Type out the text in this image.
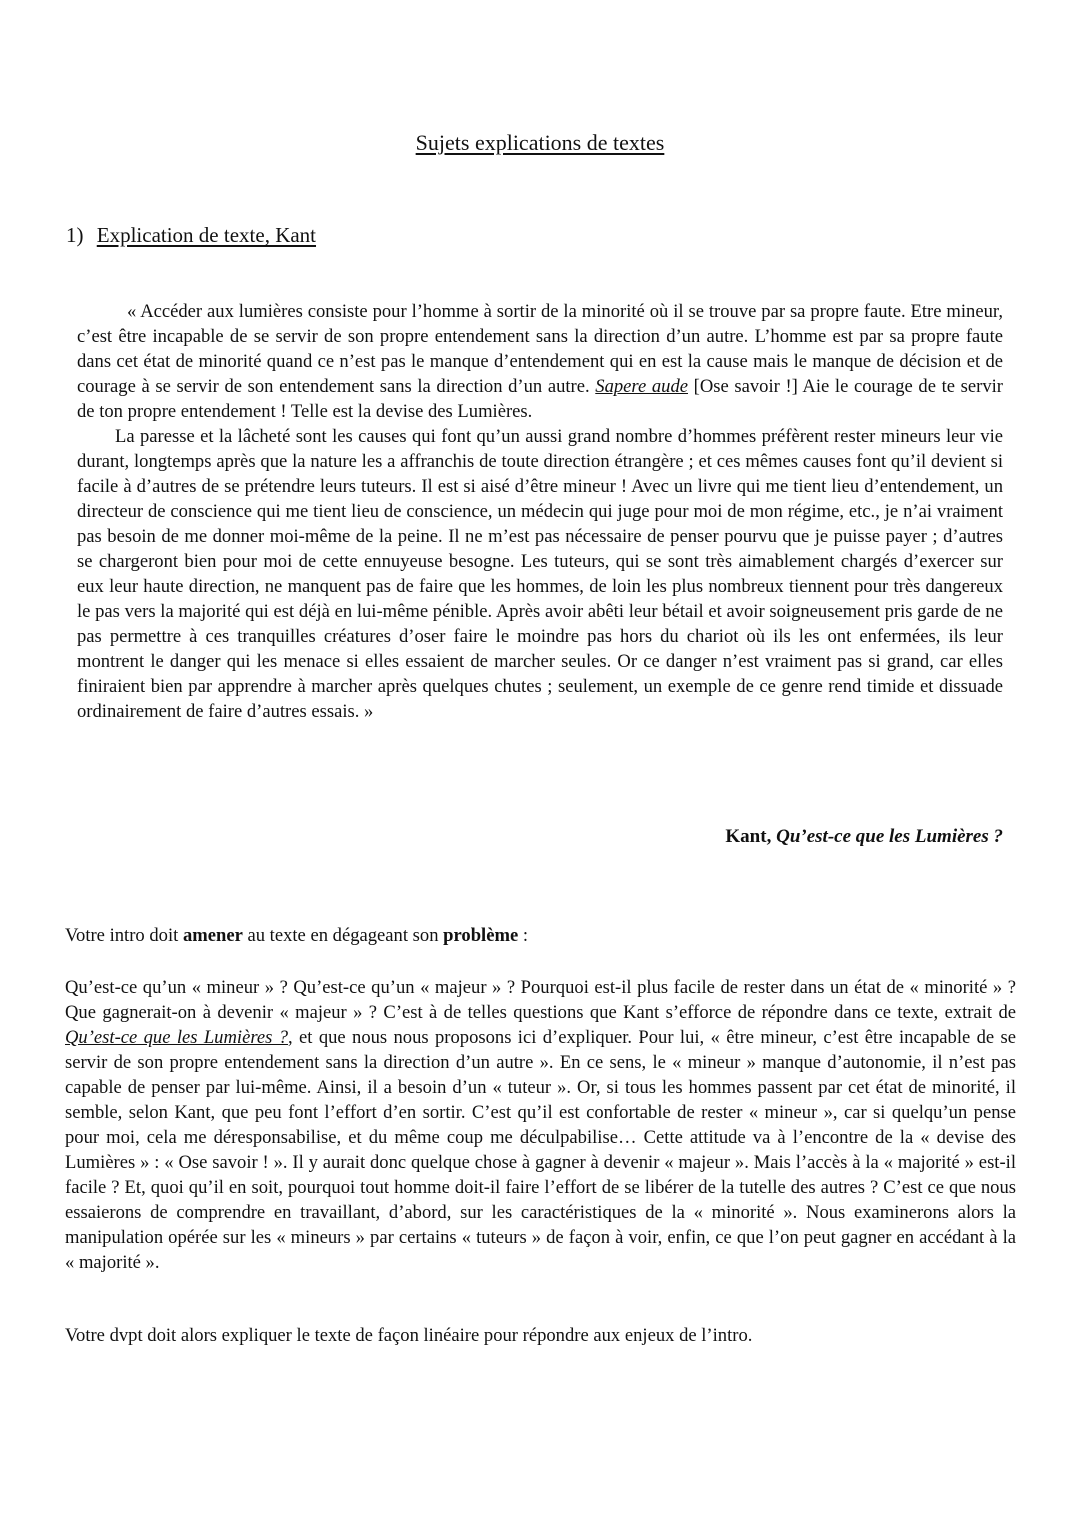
Sujets explications de textes
1) Explication de texte, Kant

« Accéder aux lumières consiste pour l’homme à sortir de la minorité où il se trouve par sa propre faute. Etre mineur, c’est être incapable de se servir de son propre entendement sans la direction d’un autre. L’homme est par sa propre faute dans cet état de minorité quand ce n’est pas le manque d’entendement qui en est la cause mais le manque de décision et de courage à se servir de son entendement sans la direction d’un autre. Sapere aude [Ose savoir !] Aie le courage de te servir de ton propre entendement ! Telle est la devise des Lumières.

La paresse et la lâcheté sont les causes qui font qu’un aussi grand nombre d’hommes préfèrent rester mineurs leur vie durant, longtemps après que la nature les a affranchis de toute direction étrangère ; et ces mêmes causes font qu’il devient si facile à d’autres de se prétendre leurs tuteurs. Il est si aisé d’être mineur ! Avec un livre qui me tient lieu d’entendement, un directeur de conscience qui me tient lieu de conscience, un médecin qui juge pour moi de mon régime, etc., je n’ai vraiment pas besoin de me donner moi-même de la peine. Il ne m’est pas nécessaire de penser pourvu que je puisse payer ; d’autres se chargeront bien pour moi de cette ennuyeuse besogne. Les tuteurs, qui se sont très aimablement chargés d’exercer sur eux leur haute direction, ne manquent pas de faire que les hommes, de loin les plus nombreux tiennent pour très dangereux le pas vers la majorité qui est déjà en lui-même pénible. Après avoir abêti leur bétail et avoir soigneusement pris garde de ne pas permettre à ces tranquilles créatures d’oser faire le moindre pas hors du chariot où ils les ont enfermées, ils leur montrent le danger qui les menace si elles essaient de marcher seules. Or ce danger n’est vraiment pas si grand, car elles finiraient bien par apprendre à marcher après quelques chutes ; seulement, un exemple de ce genre rend timide et dissuade ordinairement de faire d’autres essais. »

Kant, Qu’est-ce que les Lumières ?
Votre intro doit amener au texte en dégageant son problème :

Qu’est-ce qu’un « mineur » ? Qu’est-ce qu’un « majeur » ? Pourquoi est-il plus facile de rester dans un état de « minorité » ? Que gagnerait-on à devenir « majeur » ? C’est à de telles questions que Kant s’efforce de répondre dans ce texte, extrait de Qu’est-ce que les Lumières ?, et que nous nous proposons ici d’expliquer. Pour lui, « être mineur, c’est être incapable de se servir de son propre entendement sans la direction d’un autre ». En ce sens, le « mineur » manque d’autonomie, il n’est pas capable de penser par lui-même. Ainsi, il a besoin d’un « tuteur ». Or, si tous les hommes passent par cet état de minorité, il semble, selon Kant, que peu font l’effort d’en sortir. C’est qu’il est confortable de rester « mineur », car si quelqu’un pense pour moi, cela me déresponsabilise, et du même coup me déculpabilise… Cette attitude va à l’encontre de la « devise des Lumières » : « Ose savoir ! ». Il y aurait donc quelque chose à gagner à devenir « majeur ». Mais l’accès à la « majorité » est-il facile ? Et, quoi qu’il en soit, pourquoi tout homme doit-il faire l’effort de se libérer de la tutelle des autres ? C’est ce que nous essaierons de comprendre en travaillant, d’abord, sur les caractéristiques de la « minorité ». Nous examinerons alors la manipulation opérée sur les « mineurs » par certains « tuteurs » de façon à voir, enfin, ce que l’on peut gagner en accédant à la « majorité ».

Votre dvpt doit alors expliquer le texte de façon linéaire pour répondre aux enjeux de l’intro.
